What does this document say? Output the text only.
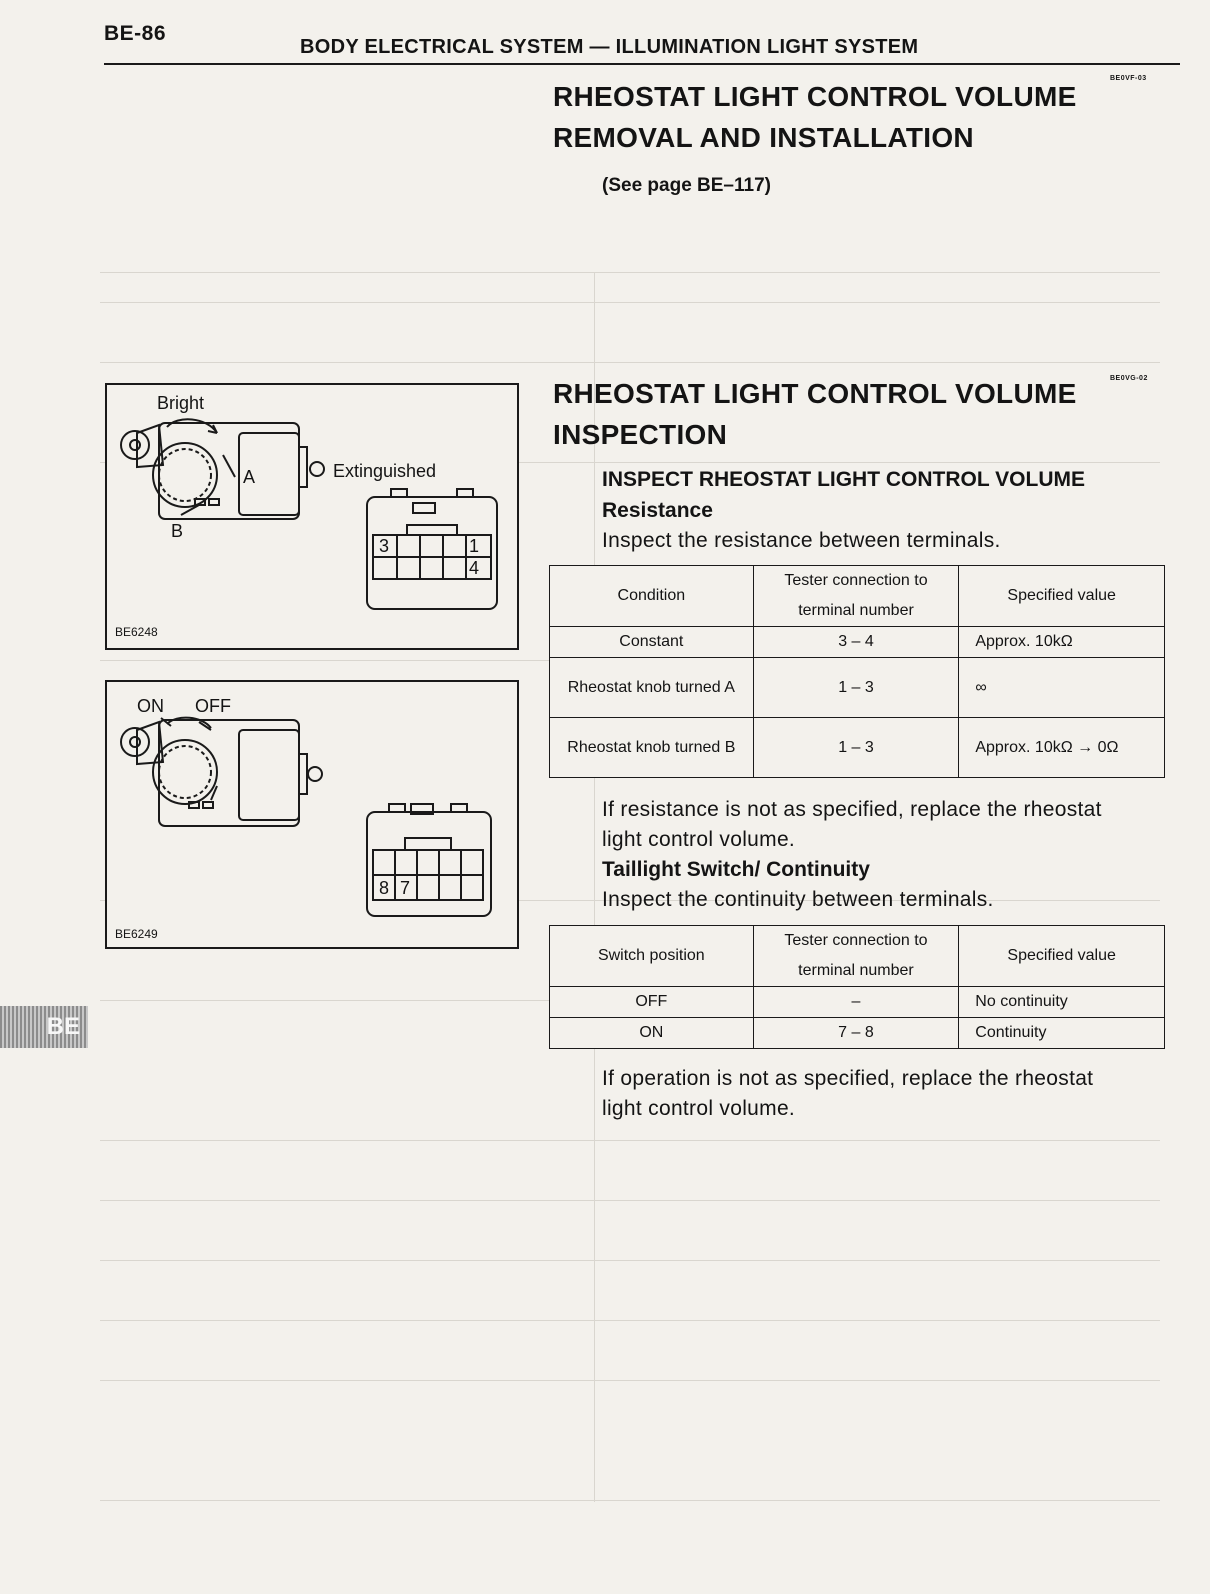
BE-86
BODY ELECTRICAL SYSTEM — ILLUMINATION LIGHT SYSTEM
BE0VF-03
RHEOSTAT LIGHT CONTROL VOLUME
REMOVAL AND INSTALLATION
(See page BE–117)
Bright
A
B
Extinguished
3	1
4
BE6248
ON OFF
8 7
BE6249
BE0VG-02
RHEOSTAT LIGHT CONTROL VOLUME
INSPECTION
INSPECT RHEOSTAT LIGHT CONTROL VOLUME
Resistance
Inspect the resistance between terminals.
Condition	Tester connection to terminal number	Specified value
Constant	3 – 4	Approx. 10kΩ
Rheostat knob turned A	1 – 3	∞
Rheostat knob turned B	1 – 3	Approx. 10kΩ → 0Ω
If resistance is not as specified, replace the rheostat
light control volume.
Taillight Switch/ Continuity
Inspect the continuity between terminals.
Switch position	Tester connection to terminal number	Specified value
OFF	–	No continuity
ON	7 – 8	Continuity
If operation is not as specified, replace the rheostat
light control volume.
BE
